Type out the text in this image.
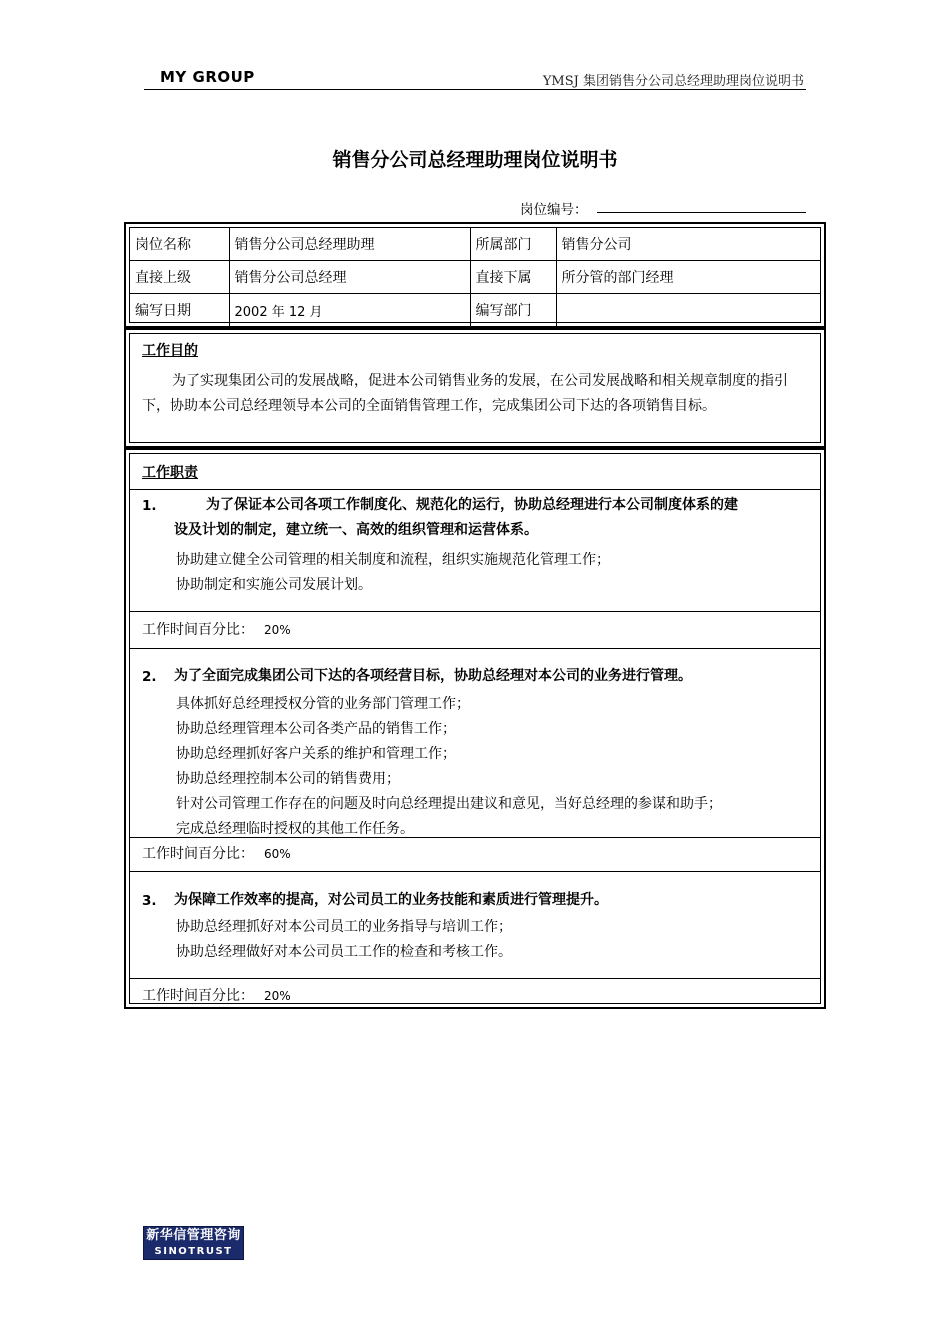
MY GROUP	YMSJ 集团销售分公司总经理助理岗位说明书
销售分公司总经理助理岗位说明书
岗位编号：
岗位名称	销售分公司总经理助理	所属部门	销售分公司
直接上级	销售分公司总经理	直接下属	所分管的部门经理
编写日期	2002 年 12 月	编写部门	
工作目的
为了实现集团公司的发展战略，促进本公司销售业务的发展，在公司发展战略和相关规章制度的指引下，协助本公司总经理领导本公司的全面销售管理工作，完成集团公司下达的各项销售目标。
工作职责
1.	为了保证本公司各项工作制度化、规范化的运行，协助总经理进行本公司制度体系的建
设及计划的制定，建立统一、高效的组织管理和运营体系。
协助建立健全公司管理的相关制度和流程，组织实施规范化管理工作；
协助制定和实施公司发展计划。
工作时间百分比： 20%
2. 为了全面完成集团公司下达的各项经营目标，协助总经理对本公司的业务进行管理。
具体抓好总经理授权分管的业务部门管理工作；
协助总经理管理本公司各类产品的销售工作；
协助总经理抓好客户关系的维护和管理工作；
协助总经理控制本公司的销售费用；
针对公司管理工作存在的问题及时向总经理提出建议和意见，当好总经理的参谋和助手；
完成总经理临时授权的其他工作任务。
工作时间百分比： 60%
3. 为保障工作效率的提高，对公司员工的业务技能和素质进行管理提升。
协助总经理抓好对本公司员工的业务指导与培训工作；
协助总经理做好对本公司员工工作的检查和考核工作。
工作时间百分比： 20%
新华信管理咨询
SINOTRUST
